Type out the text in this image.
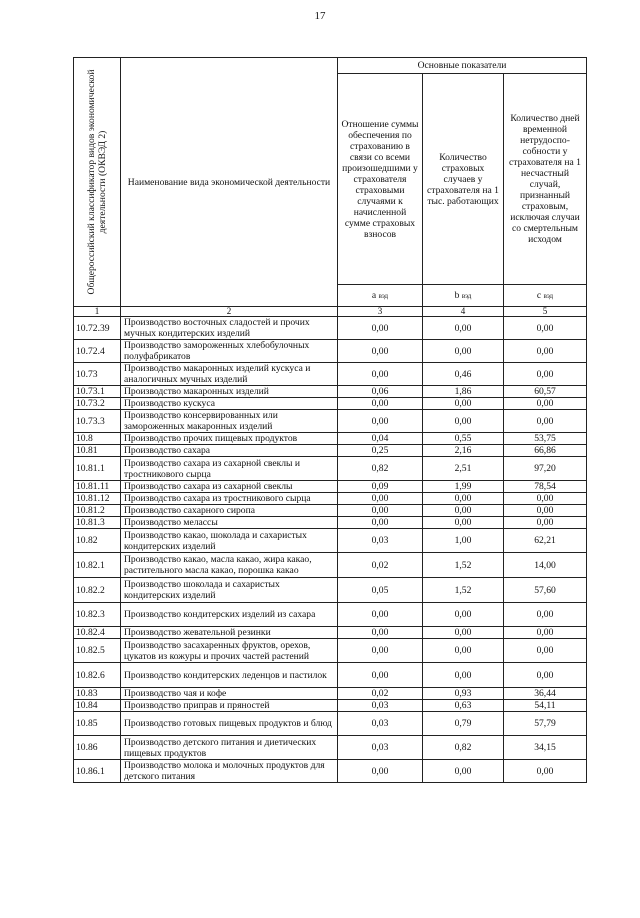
17
Общероссийский классификатор видов экономической деятельности (ОКВЭД 2)	Наименование вида экономической деятельности	Основные показатели		
		Отношение суммы обеспечения по страхованию в связи со всеми произошедшими у страхователя страховыми случаями к начисленной сумме страховых взносов	Количество страховых случаев у страхователя на 1 тыс. работающих	Количество дней временной нетрудоспо-собности у страхователя на 1 несчастный случай, признанный страховым, исключая случаи со смертельным исходом
		a вэд	b вэд	c вэд
1	2	3	4	5
10.72.39	Производство восточных сладостей и прочих мучных кондитерских изделий	0,00	0,00	0,00
10.72.4	Производство замороженных хлебобулочных полуфабрикатов	0,00	0,00	0,00
10.73	Производство макаронных изделий кускуса и аналогичных мучных изделий	0,00	0,46	0,00
10.73.1	Производство макаронных изделий	0,06	1,86	60,57
10.73.2	Производство кускуса	0,00	0,00	0,00
10.73.3	Производство консервированных или замороженных макаронных изделий	0,00	0,00	0,00
10.8	Производство прочих пищевых продуктов	0,04	0,55	53,75
10.81	Производство сахара	0,25	2,16	66,86
10.81.1	Производство сахара из сахарной свеклы и тростникового сырца	0,82	2,51	97,20
10.81.11	Производство сахара из сахарной свеклы	0,09	1,99	78,54
10.81.12	Производство сахара из тростникового сырца	0,00	0,00	0,00
10.81.2	Производство сахарного сиропа	0,00	0,00	0,00
10.81.3	Производство мелассы	0,00	0,00	0,00
10.82	Производство какао, шоколада и сахаристых кондитерских изделий	0,03	1,00	62,21
10.82.1	Производство какао, масла какао, жира какао, растительного масла какао, порошка какао	0,02	1,52	14,00
10.82.2	Производство шоколада и сахаристых кондитерских изделий	0,05	1,52	57,60
10.82.3	Производство кондитерских изделий из сахара	0,00	0,00	0,00
10.82.4	Производство жевательной резинки	0,00	0,00	0,00
10.82.5	Производство засахаренных фруктов, орехов, цукатов из кожуры и прочих частей растений	0,00	0,00	0,00
10.82.6	Производство кондитерских леденцов и пастилок	0,00	0,00	0,00
10.83	Производство чая и кофе	0,02	0,93	36,44
10.84	Производство приправ и пряностей	0,03	0,63	54,11
10.85	Производство готовых пищевых продуктов и блюд	0,03	0,79	57,79
10.86	Производство детского питания и диетических пищевых продуктов	0,03	0,82	34,15
10.86.1	Производство молока и молочных продуктов для детского питания	0,00	0,00	0,00
